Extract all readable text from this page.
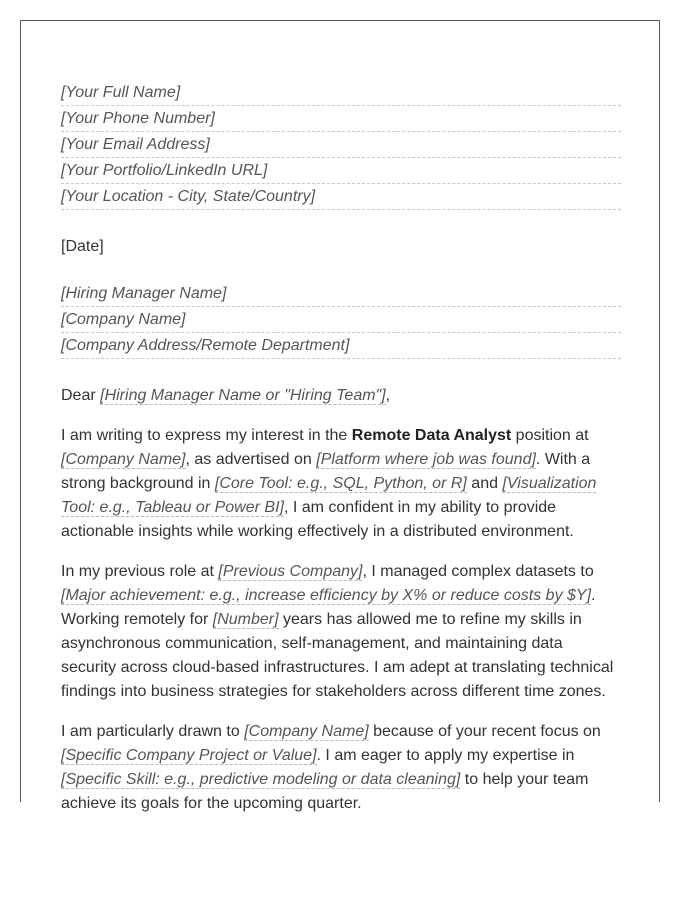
[Your Full Name]
[Your Phone Number]
[Your Email Address]
[Your Portfolio/LinkedIn URL]
[Your Location - City, State/Country]
[Date]
[Hiring Manager Name]
[Company Name]
[Company Address/Remote Department]

Dear [Hiring Manager Name or "Hiring Team"],

I am writing to express my interest in the Remote Data Analyst position at [Company Name], as advertised on [Platform where job was found]. With a strong background in [Core Tool: e.g., SQL, Python, or R] and [Visualization Tool: e.g., Tableau or Power BI], I am confident in my ability to provide actionable insights while working effectively in a distributed environment.

In my previous role at [Previous Company], I managed complex datasets to [Major achievement: e.g., increase efficiency by X% or reduce costs by $Y]. Working remotely for [Number] years has allowed me to refine my skills in asynchronous communication, self-management, and maintaining data security across cloud-based infrastructures. I am adept at translating technical findings into business strategies for stakeholders across different time zones.

I am particularly drawn to [Company Name] because of your recent focus on [Specific Company Project or Value]. I am eager to apply my expertise in [Specific Skill: e.g., predictive modeling or data cleaning] to help your team achieve its goals for the upcoming quarter.
